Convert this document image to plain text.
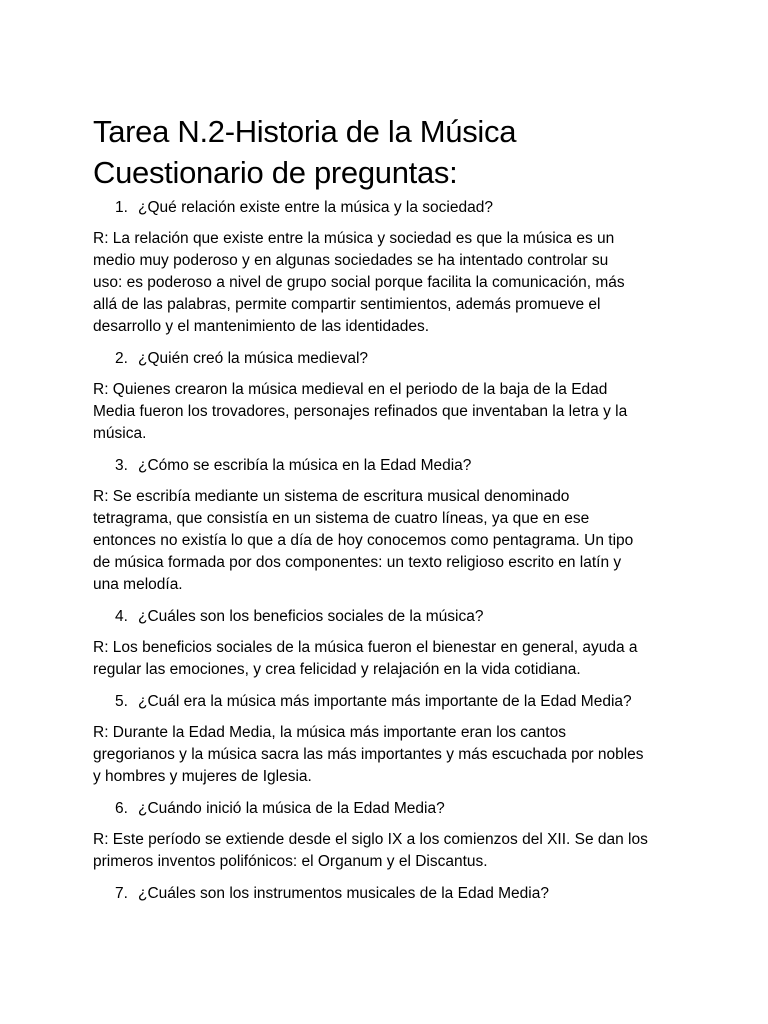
Tarea N.2-Historia de la Música
Cuestionario de preguntas:
1. ¿Qué relación existe entre la música y la sociedad?
R: La relación que existe entre la música y sociedad es que la música es un
medio muy poderoso y en algunas sociedades se ha intentado controlar su
uso: es poderoso a nivel de grupo social porque facilita la comunicación, más
allá de las palabras, permite compartir sentimientos, además promueve el
desarrollo y el mantenimiento de las identidades.
2. ¿Quién creó la música medieval?
R: Quienes crearon la música medieval en el periodo de la baja de la Edad
Media fueron los trovadores, personajes refinados que inventaban la letra y la
música.
3. ¿Cómo se escribía la música en la Edad Media?
R: Se escribía mediante un sistema de escritura musical denominado
tetragrama, que consistía en un sistema de cuatro líneas, ya que en ese
entonces no existía lo que a día de hoy conocemos como pentagrama. Un tipo
de música formada por dos componentes: un texto religioso escrito en latín y
una melodía.
4. ¿Cuáles son los beneficios sociales de la música?
R: Los beneficios sociales de la música fueron el bienestar en general, ayuda a
regular las emociones, y crea felicidad y relajación en la vida cotidiana.
5. ¿Cuál era la música más importante más importante de la Edad Media?
R: Durante la Edad Media, la música más importante eran los cantos
gregorianos y la música sacra las más importantes y más escuchada por nobles
y hombres y mujeres de Iglesia.
6. ¿Cuándo inició la música de la Edad Media?
R: Este período se extiende desde el siglo IX a los comienzos del XII. Se dan los
primeros inventos polifónicos: el Organum y el Discantus.
7. ¿Cuáles son los instrumentos musicales de la Edad Media?
